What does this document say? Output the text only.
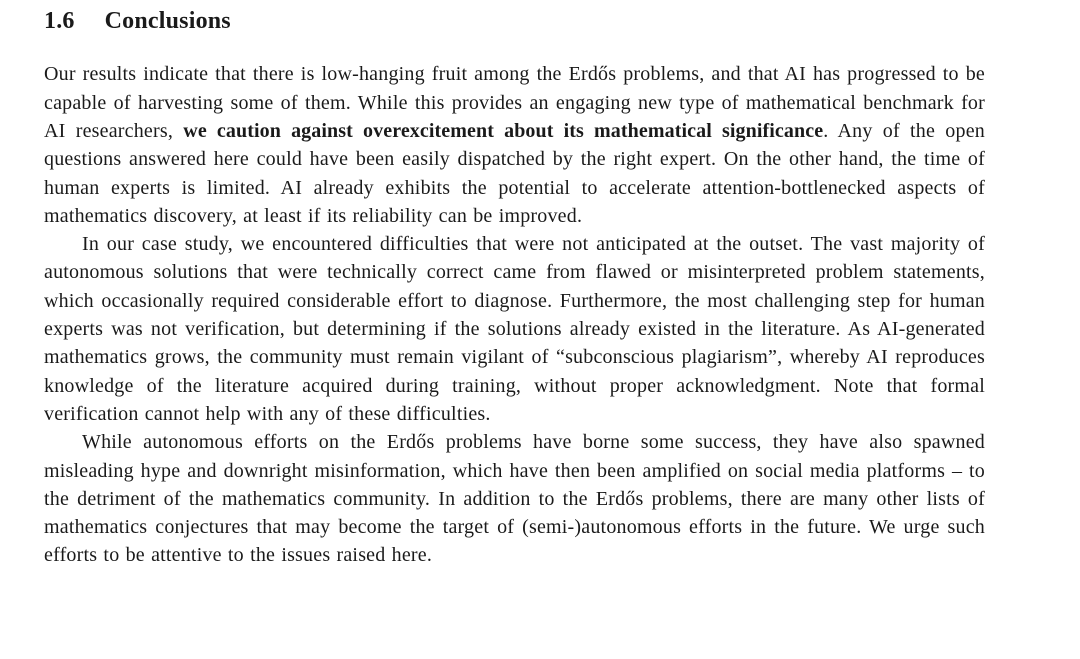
1.6 Conclusions

Our results indicate that there is low-hanging fruit among the Erdős problems, and that AI has progressed to be capable of harvesting some of them. While this provides an engaging new type of mathematical benchmark for AI researchers, we caution against overexcitement about its mathematical significance. Any of the open questions answered here could have been easily dispatched by the right expert. On the other hand, the time of human experts is limited. AI already exhibits the potential to accelerate attention-bottlenecked aspects of mathematics discovery, at least if its reliability can be improved.

In our case study, we encountered difficulties that were not anticipated at the outset. The vast majority of autonomous solutions that were technically correct came from flawed or misinterpreted problem statements, which occasionally required considerable effort to diagnose. Furthermore, the most challenging step for human experts was not verification, but determining if the solutions already existed in the literature. As AI-generated mathematics grows, the community must remain vigilant of “subconscious plagiarism”, whereby AI reproduces knowledge of the literature acquired during training, without proper acknowledgment. Note that formal verification cannot help with any of these difficulties.

While autonomous efforts on the Erdős problems have borne some success, they have also spawned misleading hype and downright misinformation, which have then been amplified on social media platforms – to the detriment of the mathematics community. In addition to the Erdős problems, there are many other lists of mathematics conjectures that may become the target of (semi-)autonomous efforts in the future. We urge such efforts to be attentive to the issues raised here.
